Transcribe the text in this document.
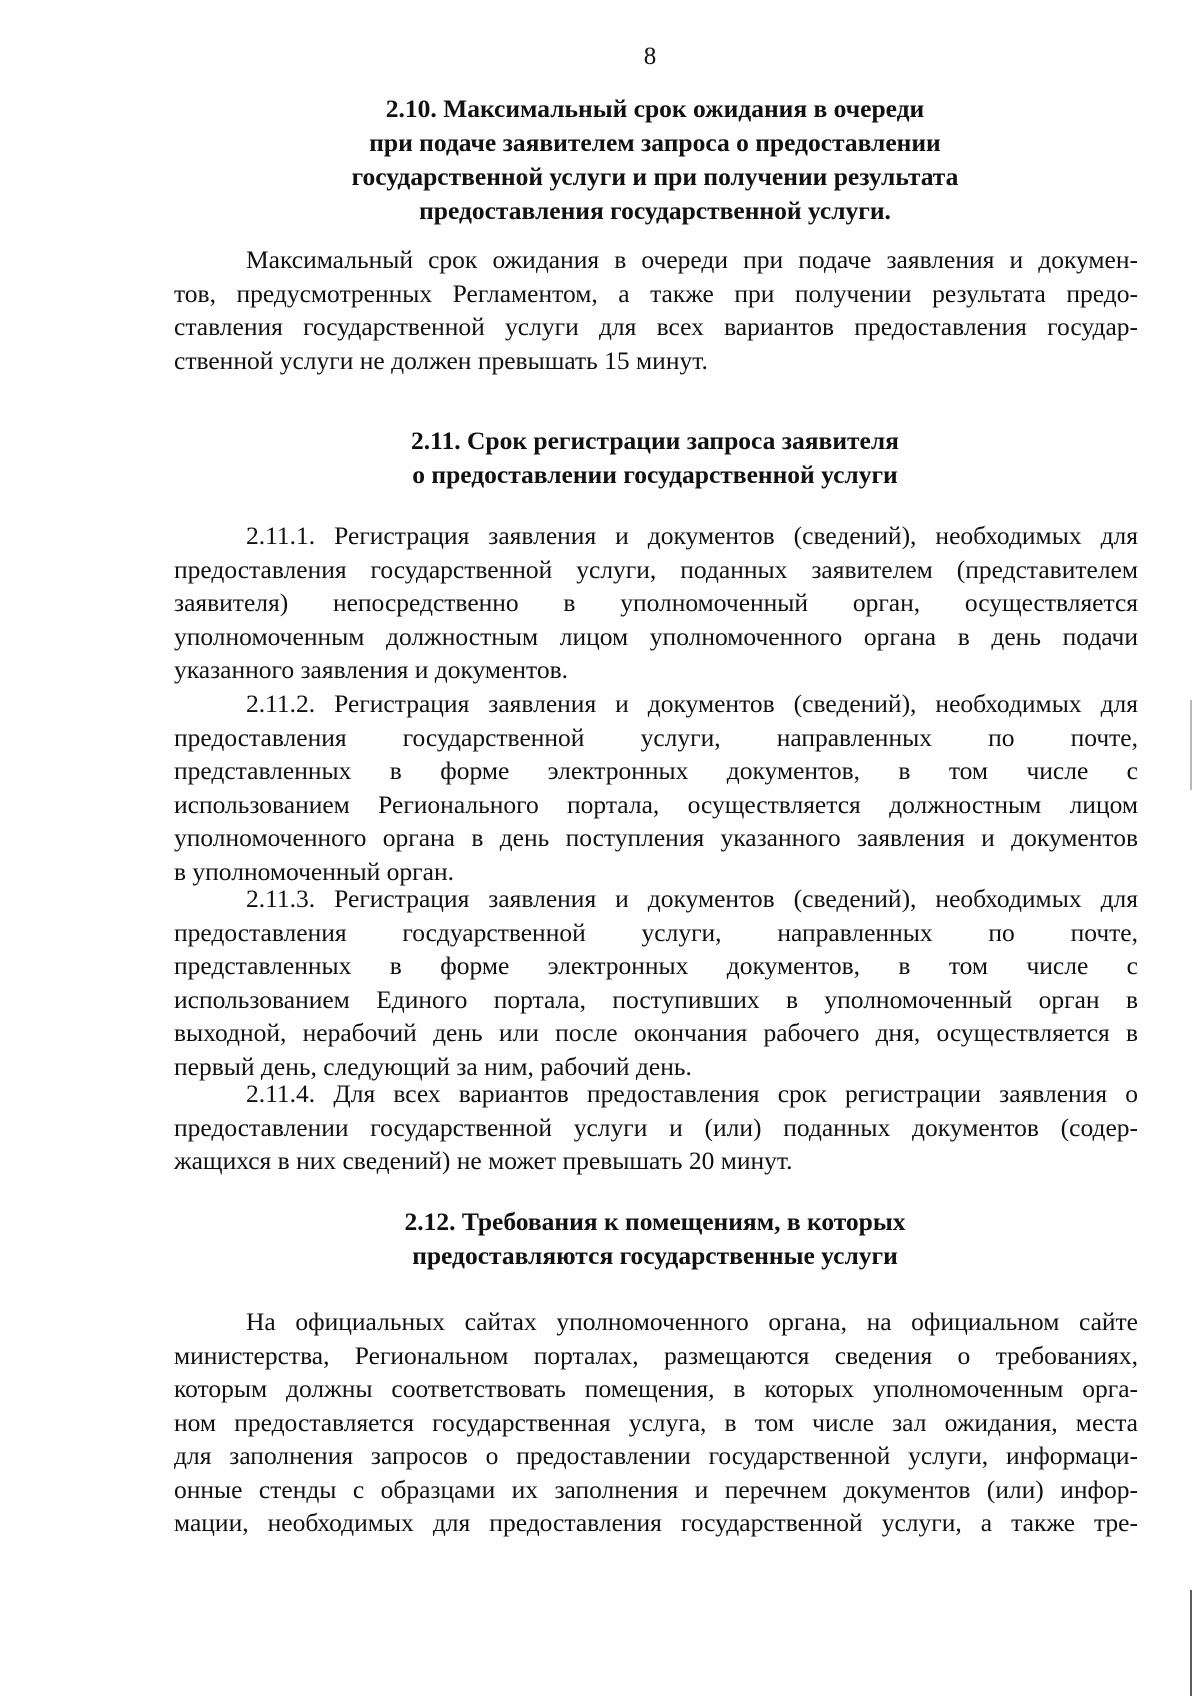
8
2.10. Максимальный срок ожидания в очереди
при подаче заявителем запроса о предоставлении
государственной услуги и при получении результата
предоставления государственной услуги.
Максимальный срок ожидания в очереди при подаче заявления и докумен-
тов, предусмотренных Регламентом, а также при получении результата предо-
ставления государственной услуги для всех вариантов предоставления государ-
ственной услуги не должен превышать 15 минут.
2.11. Срок регистрации запроса заявителя
о предоставлении государственной услуги
2.11.1. Регистрация заявления и документов (сведений), необходимых для
предоставления государственной услуги, поданных заявителем (представителем
заявителя) непосредственно в уполномоченный орган, осуществляется
уполномоченным должностным лицом уполномоченного органа в день подачи
указанного заявления и документов.
2.11.2. Регистрация заявления и документов (сведений), необходимых для
предоставления государственной услуги, направленных по почте,
представленных в форме электронных документов, в том числе с
использованием Регионального портала, осуществляется должностным лицом
уполномоченного органа в день поступления указанного заявления и документов
в уполномоченный орган.
2.11.3. Регистрация заявления и документов (сведений), необходимых для
предоставления госдуарственной услуги, направленных по почте,
представленных в форме электронных документов, в том числе с
использованием Единого портала, поступивших в уполномоченный орган в
выходной, нерабочий день или после окончания рабочего дня, осуществляется в
первый день, следующий за ним, рабочий день.
2.11.4. Для всех вариантов предоставления срок регистрации заявления о
предоставлении государственной услуги и (или) поданных документов (содер-
жащихся в них сведений) не может превышать 20 минут.
2.12. Требования к помещениям, в которых
предоставляются государственные услуги
На официальных сайтах уполномоченного органа, на официальном сайте
министерства, Региональном порталах, размещаются сведения о требованиях,
которым должны соответствовать помещения, в которых уполномоченным орга-
ном предоставляется государственная услуга, в том числе зал ожидания, места
для заполнения запросов о предоставлении государственной услуги, информаци-
онные стенды с образцами их заполнения и перечнем документов (или) инфор-
мации, необходимых для предоставления государственной услуги, а также тре-
